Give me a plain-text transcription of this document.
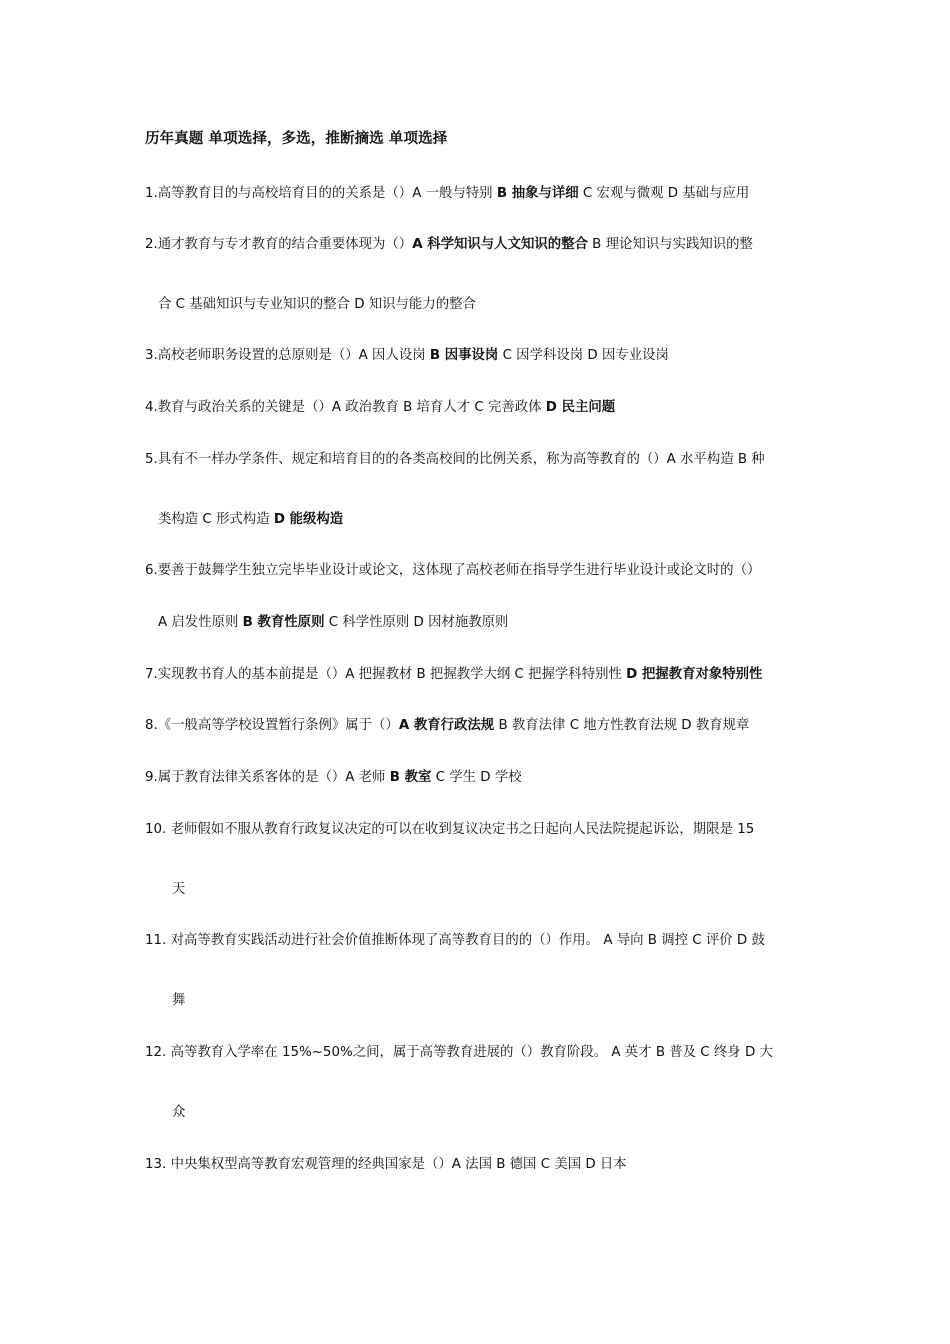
历年真题 单项选择，多选，推断摘选 单项选择
1.高等教育目的与高校培育目的的关系是（）A 一般与特别 B 抽象与详细 C 宏观与微观 D 基础与应用
2.通才教育与专才教育的结合重要体现为（）A 科学知识与人文知识的整合 B 理论知识与实践知识的整
合 C 基础知识与专业知识的整合 D 知识与能力的整合
3.高校老师职务设置的总原则是（）A 因人设岗 B 因事设岗 C 因学科设岗 D 因专业设岗
4.教育与政治关系的关键是（）A 政治教育 B 培育人才 C 完善政体 D 民主问题
5.具有不一样办学条件、规定和培育目的的各类高校间的比例关系，称为高等教育的（）A 水平构造 B 种
类构造 C 形式构造 D 能级构造
6.要善于鼓舞学生独立完毕毕业设计或论文，这体现了高校老师在指导学生进行毕业设计或论文时的（）
A 启发性原则 B 教育性原则 C 科学性原则 D 因材施教原则
7.实现教书育人的基本前提是（）A 把握教材 B 把握教学大纲 C 把握学科特别性 D 把握教育对象特别性
8.《一般高等学校设置暂行条例》属于（）A 教育行政法规 B 教育法律 C 地方性教育法规 D 教育规章
9.属于教育法律关系客体的是（）A 老师 B 教室 C 学生 D 学校
10. 老师假如不服从教育行政复议决定的可以在收到复议决定书之日起向人民法院提起诉讼，期限是 15
天
11. 对高等教育实践活动进行社会价值推断体现了高等教育目的的（）作用。 A 导向 B 调控 C 评价 D 鼓
舞
12. 高等教育入学率在 15%~50%之间，属于高等教育进展的（）教育阶段。 A 英才 B 普及 C 终身 D 大
众
13. 中央集权型高等教育宏观管理的经典国家是（）A 法国 B 德国 C 美国 D 日本
